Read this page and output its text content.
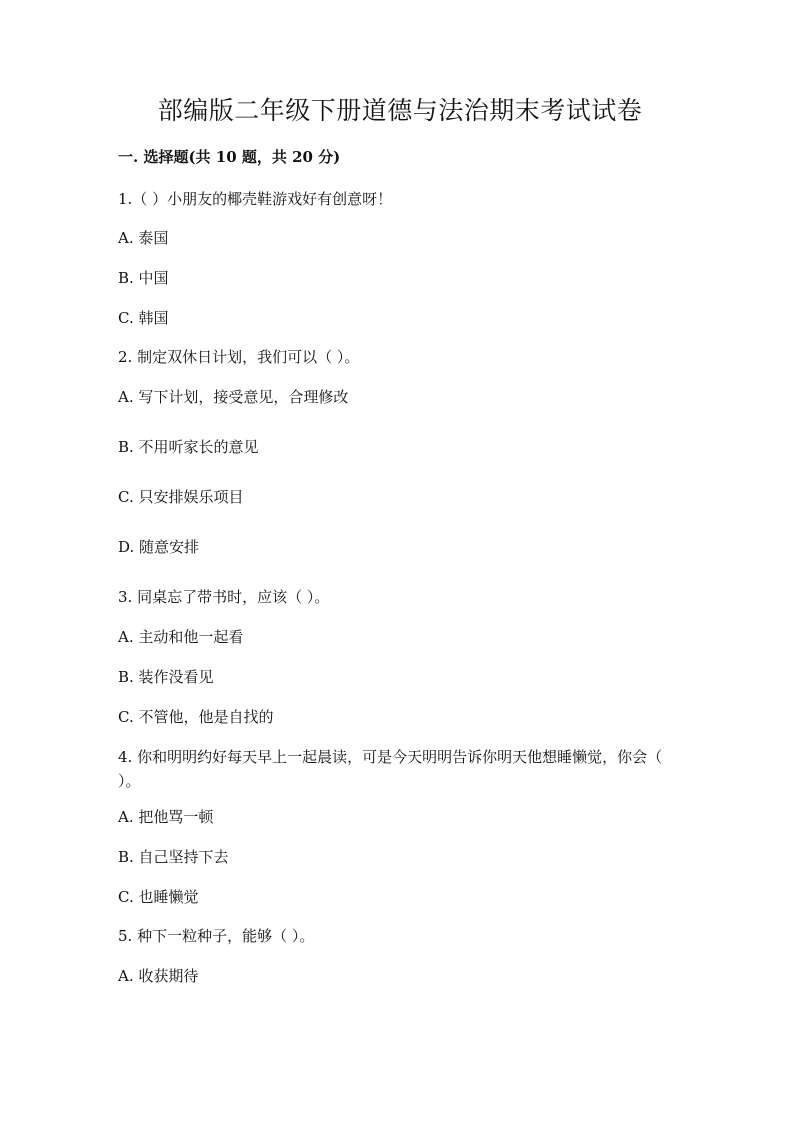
部编版二年级下册道德与法治期末考试试卷
一. 选择题(共 10 题，共 20 分)
1.（ ）小朋友的椰壳鞋游戏好有创意呀！
A. 泰国
B. 中国
C. 韩国
2. 制定双休日计划，我们可以（ ）。
A. 写下计划，接受意见，合理修改
B. 不用听家长的意见
C. 只安排娱乐项目
D. 随意安排
3. 同桌忘了带书时，应该（ ）。
A. 主动和他一起看
B. 装作没看见
C. 不管他，他是自找的
4. 你和明明约好每天早上一起晨读，可是今天明明告诉你明天他想睡懒觉，你会（ ）。
A. 把他骂一顿
B. 自己坚持下去
C. 也睡懒觉
5. 种下一粒种子，能够（ ）。
A. 收获期待
